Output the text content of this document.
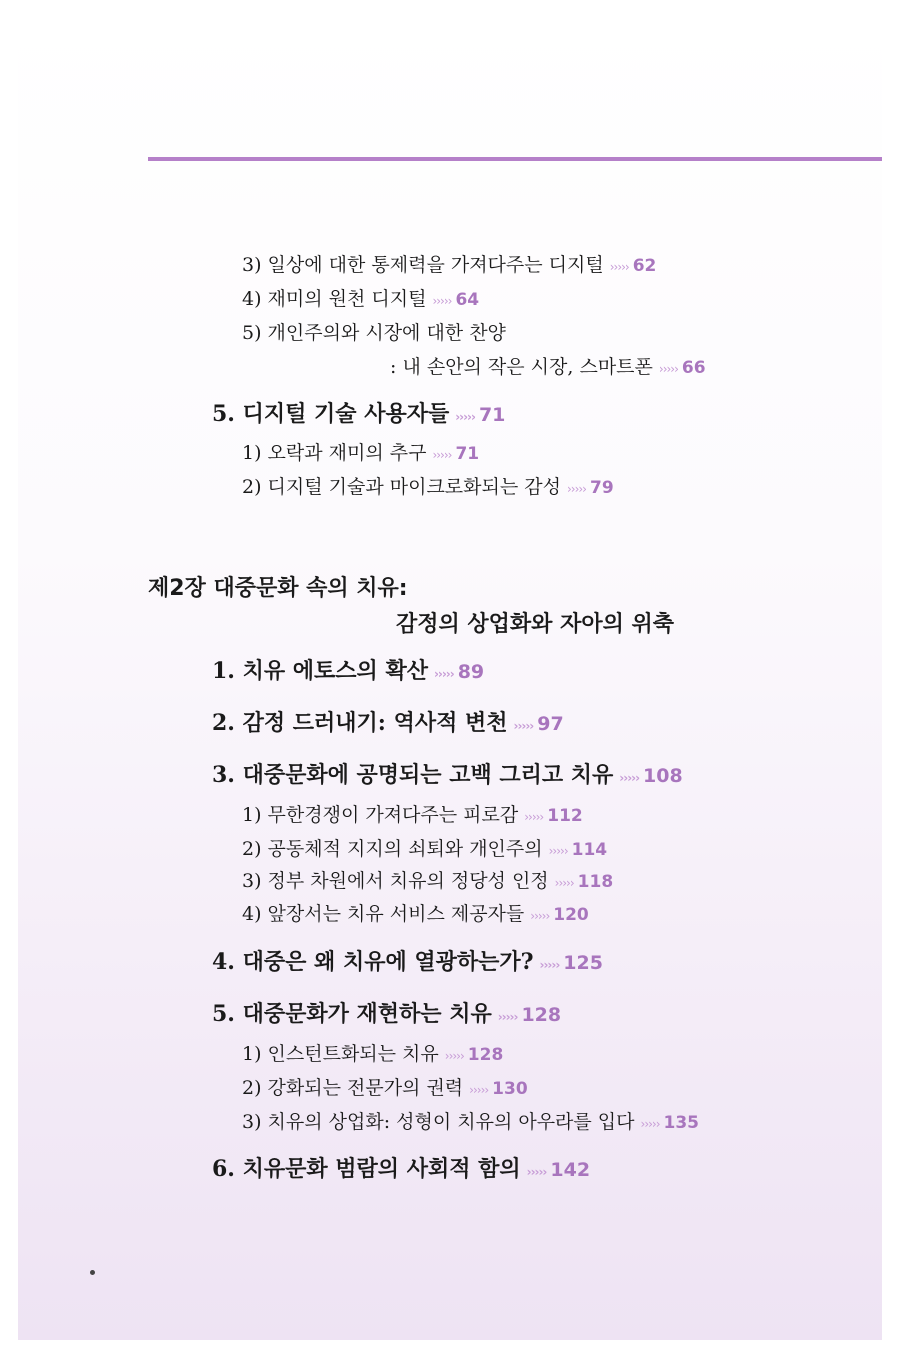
3) 일상에 대한 통제력을 가져다주는 디지털 ››››› 62
4) 재미의 원천 디지털 ››››› 64
5) 개인주의와 시장에 대한 찬양
: 내 손안의 작은 시장, 스마트폰 ››››› 66
5. 디지털 기술 사용자들 ››››› 71
1) 오락과 재미의 추구 ››››› 71
2) 디지털 기술과 마이크로화되는 감성 ››››› 79
제2장 대중문화 속의 치유:
감정의 상업화와 자아의 위축
1. 치유 에토스의 확산 ››››› 89
2. 감정 드러내기: 역사적 변천 ››››› 97
3. 대중문화에 공명되는 고백 그리고 치유 ››››› 108
1) 무한경쟁이 가져다주는 피로감 ››››› 112
2) 공동체적 지지의 쇠퇴와 개인주의 ››››› 114
3) 정부 차원에서 치유의 정당성 인정 ››››› 118
4) 앞장서는 치유 서비스 제공자들 ››››› 120
4. 대중은 왜 치유에 열광하는가? ››››› 125
5. 대중문화가 재현하는 치유 ››››› 128
1) 인스턴트화되는 치유 ››››› 128
2) 강화되는 전문가의 권력 ››››› 130
3) 치유의 상업화: 성형이 치유의 아우라를 입다 ››››› 135
6. 치유문화 범람의 사회적 함의 ››››› 142
